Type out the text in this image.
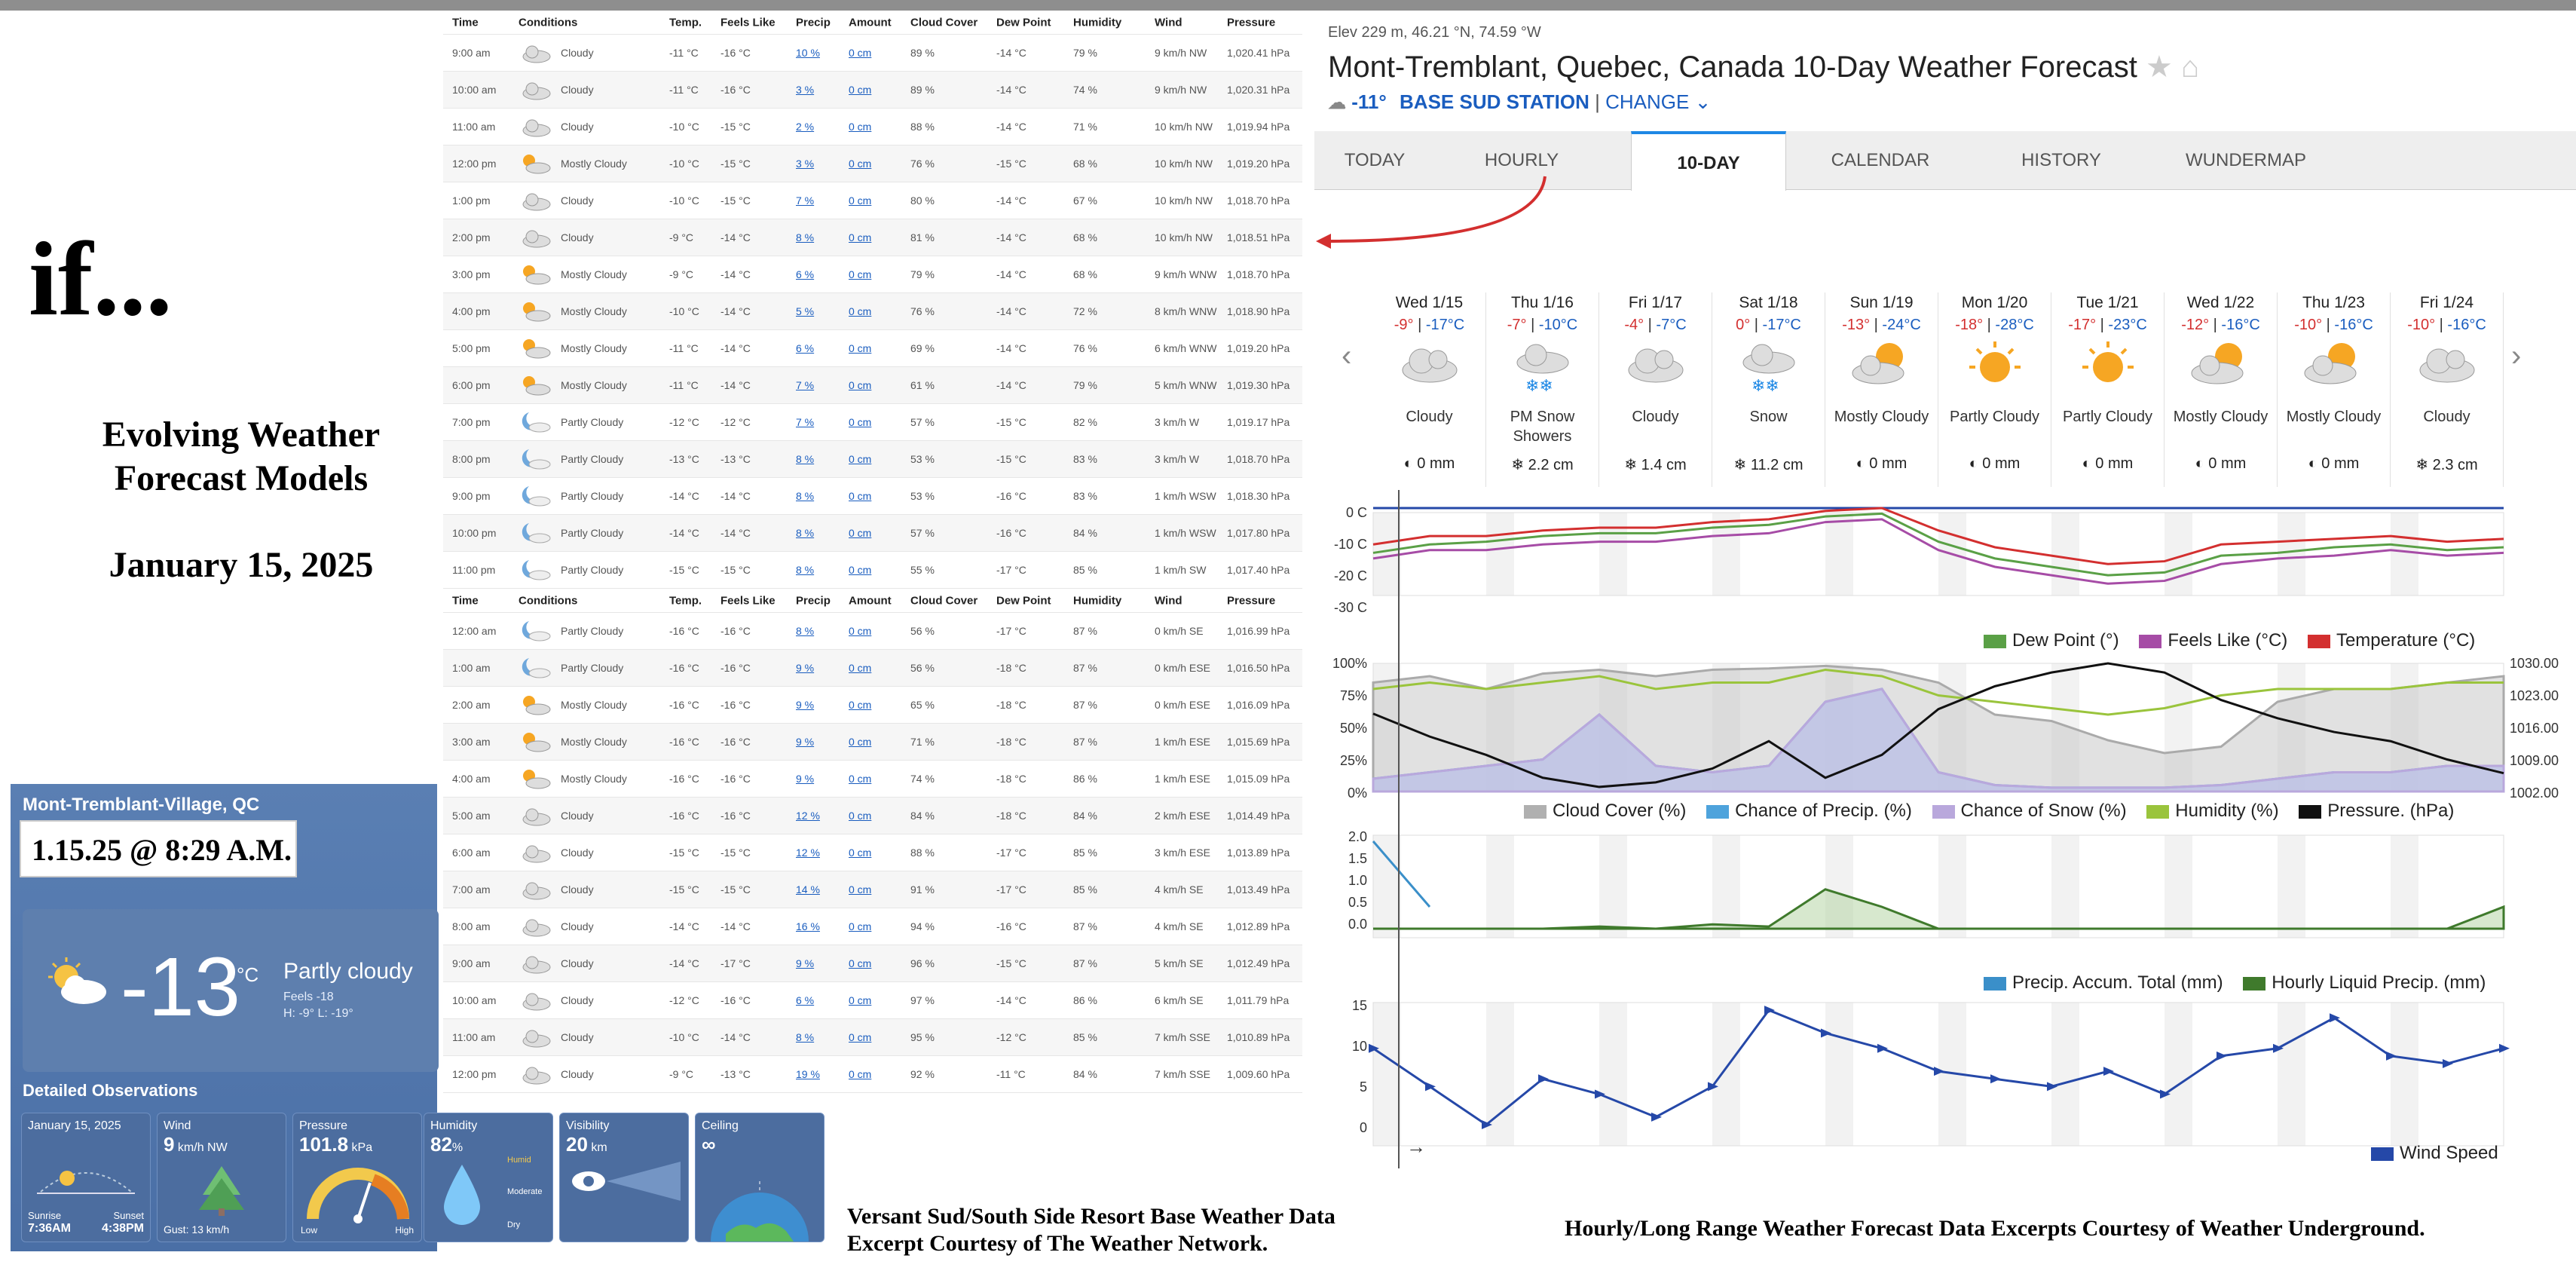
if...
Evolving Weather
Forecast Models
January 15, 2025
Versant Sud/South Side Resort Base Weather Data
Excerpt Courtesy of The Weather Network.
Hourly/Long Range Weather Forecast Data Excerpts Courtesy of Weather Underground.
Time	Conditions	Temp. Feels Like Precip Amount Cloud Cover Dew Point Humidity	Wind	Pressure
9:00 am	Cloudy	-11 °C -16 °C	10 %	0 cm	89 %	-14 °C	79 %	9 km/h NW 1,020.41 hPa
10:00 am	Cloudy	-11 °C -16 °C	3 %	0 cm	89 %	-14 °C	74 %	9 km/h NW 1,020.31 hPa
11:00 am	Cloudy	-10 °C -15 °C	2 %	0 cm	88 %	-14 °C	71 %	10 km/h NW 1,019.94 hPa
12:00 pm	Mostly Cloudy	-10 °C -15 °C	3 %	0 cm	76 %	-15 °C	68 %	10 km/h NW 1,019.20 hPa
1:00 pm	Cloudy	-10 °C -15 °C	7 %	0 cm	80 %	-14 °C	67 %	10 km/h NW 1,018.70 hPa
2:00 pm	Cloudy	-9 °C	-14 °C	8 %	0 cm	81 %	-14 °C	68 %	10 km/h NW 1,018.51 hPa
3:00 pm	Mostly Cloudy	-9 °C	-14 °C	6 %	0 cm	79 %	-14 °C	68 %	9 km/h WNW 1,018.70 hPa
4:00 pm	Mostly Cloudy	-10 °C -14 °C	5 %	0 cm	76 %	-14 °C	72 %	8 km/h WNW 1,018.90 hPa
5:00 pm	Mostly Cloudy	-11 °C -14 °C	6 %	0 cm	69 %	-14 °C	76 %	6 km/h WNW 1,019.20 hPa
6:00 pm	Mostly Cloudy	-11 °C -14 °C	7 %	0 cm	61 %	-14 °C	79 %	5 km/h WNW 1,019.30 hPa
7:00 pm	Partly Cloudy	-12 °C -12 °C	7 %	0 cm	57 %	-15 °C	82 %	3 km/h W	1,019.17 hPa
8:00 pm	Partly Cloudy	-13 °C -13 °C	8 %	0 cm	53 %	-15 °C	83 %	3 km/h W	1,018.70 hPa
9:00 pm	Partly Cloudy	-14 °C -14 °C	8 %	0 cm	53 %	-16 °C	83 %	1 km/h WSW 1,018.30 hPa
10:00 pm	Partly Cloudy	-14 °C -14 °C	8 %	0 cm	57 %	-16 °C	84 %	1 km/h WSW 1,017.80 hPa
11:00 pm	Partly Cloudy	-15 °C -15 °C	8 %	0 cm	55 %	-17 °C	85 %	1 km/h SW 1,017.40 hPa
Time	Conditions	Temp. Feels Like Precip Amount Cloud Cover Dew Point Humidity	Wind	Pressure
12:00 am	Partly Cloudy	-16 °C -16 °C	8 %	0 cm	56 %	-17 °C	87 %	0 km/h SE 1,016.99 hPa
1:00 am	Partly Cloudy	-16 °C -16 °C	9 %	0 cm	56 %	-18 °C	87 %	0 km/h ESE 1,016.50 hPa
2:00 am	Mostly Cloudy	-16 °C -16 °C	9 %	0 cm	65 %	-18 °C	87 %	0 km/h ESE 1,016.09 hPa
3:00 am	Mostly Cloudy	-16 °C -16 °C	9 %	0 cm	71 %	-18 °C	87 %	1 km/h ESE 1,015.69 hPa
4:00 am	Mostly Cloudy	-16 °C -16 °C	9 %	0 cm	74 %	-18 °C	86 %	1 km/h ESE 1,015.09 hPa
5:00 am	Cloudy	-16 °C -16 °C	12 %	0 cm	84 %	-18 °C	84 %	2 km/h ESE 1,014.49 hPa
6:00 am	Cloudy	-15 °C -15 °C	12 %	0 cm	88 %	-17 °C	85 %	3 km/h ESE 1,013.89 hPa
7:00 am	Cloudy	-15 °C -15 °C	14 %	0 cm	91 %	-17 °C	85 %	4 km/h SE 1,013.49 hPa
8:00 am	Cloudy	-14 °C -14 °C	16 %	0 cm	94 %	-16 °C	87 %	4 km/h SE 1,012.89 hPa
9:00 am	Cloudy	-14 °C -17 °C	9 %	0 cm	96 %	-15 °C	87 %	5 km/h SE 1,012.49 hPa
10:00 am	Cloudy	-12 °C -16 °C	6 %	0 cm	97 %	-14 °C	86 %	6 km/h SE 1,011.79 hPa
11:00 am	Cloudy	-10 °C -14 °C	8 %	0 cm	95 %	-12 °C	85 %	7 km/h SSE 1,010.89 hPa
12:00 pm	Cloudy	-9 °C	-13 °C	19 %	0 cm	92 %	-11 °C	84 %	7 km/h SSE 1,009.60 hPa
Mont-Tremblant-Village, QC
1.15.25 @ 8:29 A.M.
-13
°C Partly cloudy
Feels -18
H: -9° L: -19°
Detailed Observations
January 15, 2025
Sunrise
7:36AM
Sunset
4:38PM
Wind
9 km/h NW
Gust: 13 km/h
Pressure
101.8 kPa
Low	High
Humidity
82%
Humid
Moderate
Dry
Visibility
20 km
Ceiling
∞
Elev 229 m, 46.21 °N, 74.59 °W
Mont-Tremblant, Quebec, Canada 10-Day Weather Forecast ★ ⌂
☁ -11° BASE SUD STATION | CHANGE ⌄
TODAY	HOURLY	10-DAY	CALENDAR	HISTORY	WUNDERMAP
‹	›
Wed 1/15
-9° | -17°C
Cloudy
◐ 0 mm
Thu 1/16
-7° | -10°C
❄❄
PM Snow Showers
❄ 2.2 cm
Fri 1/17
-4° | -7°C
Cloudy
❄ 1.4 cm
Sat 1/18
0° | -17°C
❄❄
Snow
❄ 11.2 cm
Sun 1/19
-13° | -24°C
Mostly Cloudy
◐ 0 mm
Mon 1/20
-18° | -28°C
Partly Cloudy
◐ 0 mm
Tue 1/21
-17° | -23°C
Partly Cloudy
◐ 0 mm
Wed 1/22
-12° | -16°C
Mostly Cloudy
◐ 0 mm
Thu 1/23
-10° | -16°C
Mostly Cloudy
◐ 0 mm
Fri 1/24
-10° | -16°C
Cloudy
❄ 2.3 cm
0 C
-10 C
-20 C
-30 C
100%
75%
50%
25%
0%
1030.00
1023.00
1016.00
1009.00
1002.00
2.0
1.5
1.0
0.5
0.0
15
10
5
0
→
Dew Point (°)	Feels Like (°C)	Temperature (°C)
Cloud Cover (%)	Chance of Precip. (%)	Chance of Snow (%)	Humidity (%)	Pressure. (hPa)
Precip. Accum. Total (mm)	Hourly Liquid Precip. (mm)
Wind Speed
